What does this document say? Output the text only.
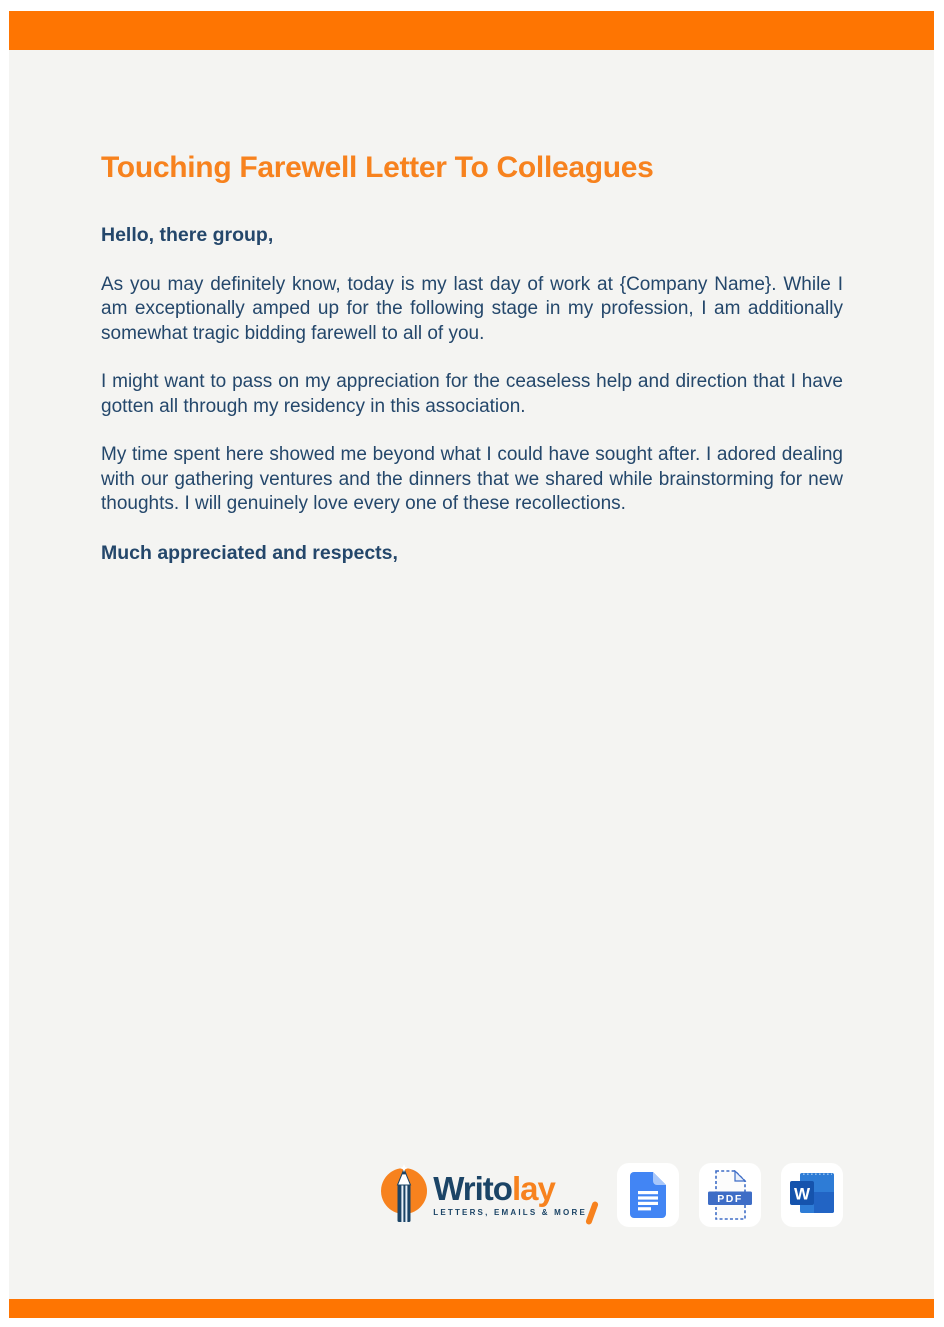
Touching Farewell Letter To Colleagues

Hello, there group,

As you may definitely know, today is my last day of work at {Company Name}. While I am exceptionally amped up for the following stage in my profession, I am additionally somewhat tragic bidding farewell to all of you.

I might want to pass on my appreciation for the ceaseless help and direction that I have gotten all through my residency in this association.

My time spent here showed me beyond what I could have sought after. I adored dealing with our gathering ventures and the dinners that we shared while brainstorming for new thoughts. I will genuinely love every one of these recollections.

Much appreciated and respects,

Writolay
LETTERS, EMAILS & MORE
PDF	W
